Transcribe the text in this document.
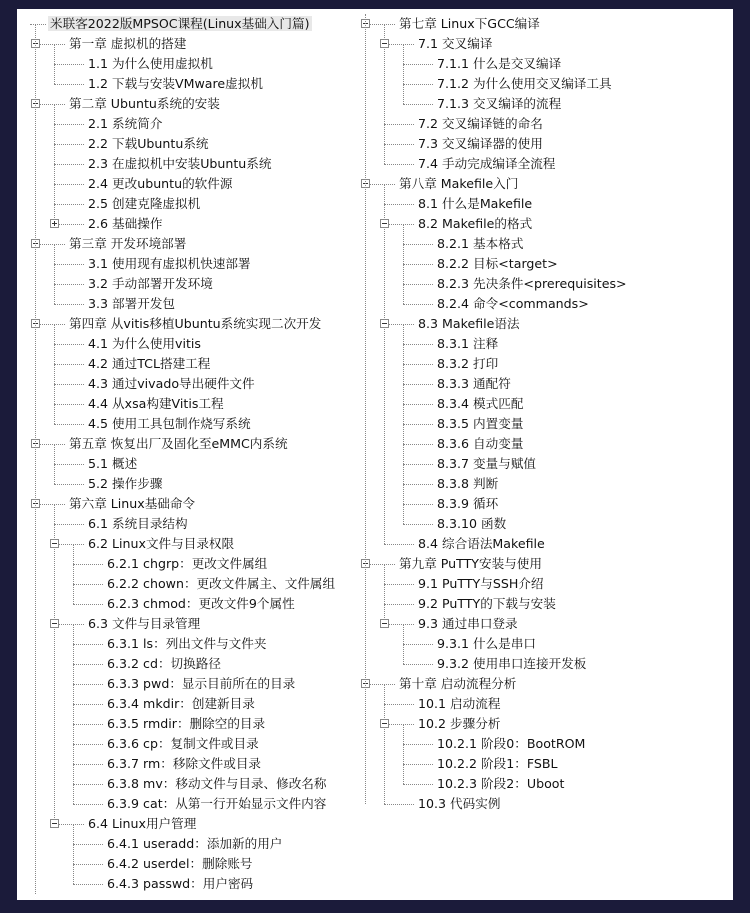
米联客2022版MPSOC课程(Linux基础入门篇)
第一章 虚拟机的搭建
1.1 为什么使用虚拟机
1.2 下载与安装VMware虚拟机
第二章 Ubuntu系统的安装
2.1 系统简介
2.2 下载Ubuntu系统
2.3 在虚拟机中安装Ubuntu系统
2.4 更改ubuntu的软件源
2.5 创建克隆虚拟机
2.6 基础操作
第三章 开发环境部署
3.1 使用现有虚拟机快速部署
3.2 手动部署开发环境
3.3 部署开发包
第四章 从vitis移植Ubuntu系统实现二次开发
4.1 为什么使用vitis
4.2 通过TCL搭建工程
4.3 通过vivado导出硬件文件
4.4 从xsa构建Vitis工程
4.5 使用工具包制作烧写系统
第五章 恢复出厂及固化至eMMC内系统
5.1 概述
5.2 操作步骤
第六章 Linux基础命令
6.1 系统目录结构
6.2 Linux文件与目录权限
6.2.1 chgrp：更改文件属组
6.2.2 chown：更改文件属主、文件属组
6.2.3 chmod：更改文件9个属性
6.3 文件与目录管理
6.3.1 ls：列出文件与文件夹
6.3.2 cd：切换路径
6.3.3 pwd：显示目前所在的目录
6.3.4 mkdir：创建新目录
6.3.5 rmdir：删除空的目录
6.3.6 cp：复制文件或目录
6.3.7 rm：移除文件或目录
6.3.8 mv：移动文件与目录、修改名称
6.3.9 cat：从第一行开始显示文件内容
6.4 Linux用户管理
6.4.1 useradd：添加新的用户
6.4.2 userdel：删除账号
6.4.3 passwd：用户密码
第七章 Linux下GCC编译
7.1 交叉编译
7.1.1 什么是交叉编译
7.1.2 为什么使用交叉编译工具
7.1.3 交叉编译的流程
7.2 交叉编译链的命名
7.3 交叉编译器的使用
7.4 手动完成编译全流程
第八章 Makefile入门
8.1 什么是Makefile
8.2 Makefile的格式
8.2.1 基本格式
8.2.2 目标<target>
8.2.3 先决条件<prerequisites>
8.2.4 命令<commands>
8.3 Makefile语法
8.3.1 注释
8.3.2 打印
8.3.3 通配符
8.3.4 模式匹配
8.3.5 内置变量
8.3.6 自动变量
8.3.7 变量与赋值
8.3.8 判断
8.3.9 循环
8.3.10 函数
8.4 综合语法Makefile
第九章 PuTTY安装与使用
9.1 PuTTY与SSH介绍
9.2 PuTTY的下载与安装
9.3 通过串口登录
9.3.1 什么是串口
9.3.2 使用串口连接开发板
第十章 启动流程分析
10.1 启动流程
10.2 步骤分析
10.2.1 阶段0：BootROM
10.2.2 阶段1：FSBL
10.2.3 阶段2：Uboot
10.3 代码实例
